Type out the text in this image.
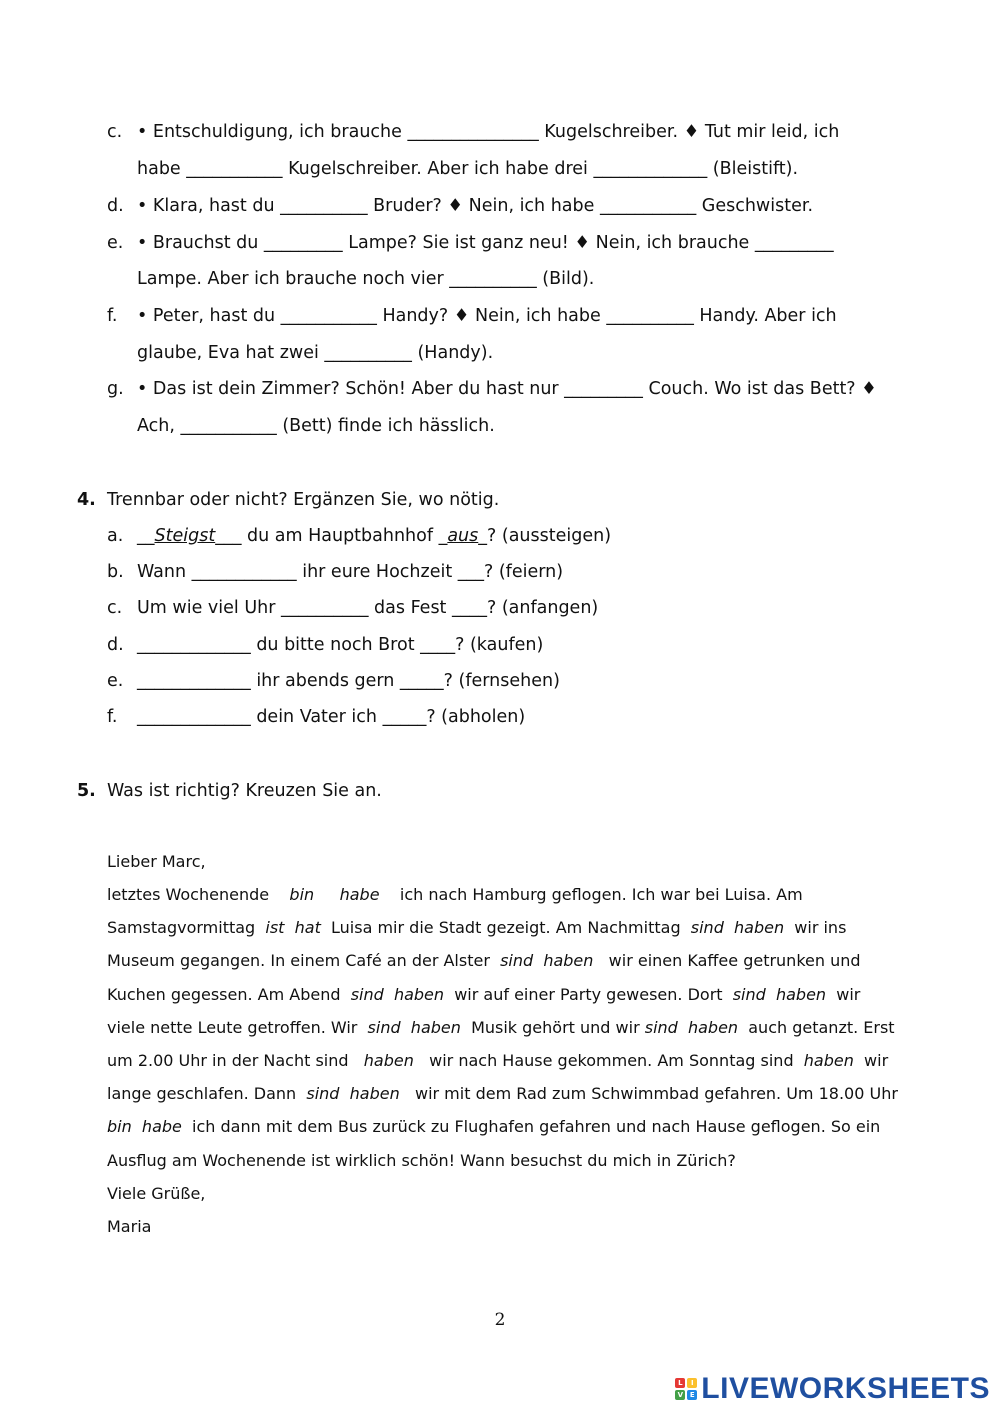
c. • Entschuldigung, ich brauche _______________ Kugelschreiber. ♦ Tut mir leid, ich
habe ___________ Kugelschreiber. Aber ich habe drei _____________ (Bleistift).
d. • Klara, hast du __________ Bruder? ♦ Nein, ich habe ___________ Geschwister.
e. • Brauchst du _________ Lampe? Sie ist ganz neu! ♦ Nein, ich brauche _________
Lampe. Aber ich brauche noch vier __________ (Bild).
f. • Peter, hast du ___________ Handy? ♦ Nein, ich habe __________ Handy. Aber ich
glaube, Eva hat zwei __________ (Handy).
g. • Das ist dein Zimmer? Schön! Aber du hast nur _________ Couch. Wo ist das Bett? ♦
Ach, ___________ (Bett) finde ich hässlich.
4. Trennbar oder nicht? Ergänzen Sie, wo nötig.
a. __Steigst___ du am Hauptbahnhof _aus_? (aussteigen)
b. Wann ____________ ihr eure Hochzeit ___? (feiern)
c. Um wie viel Uhr __________ das Fest ____? (anfangen)
d. _____________ du bitte noch Brot ____? (kaufen)
e. _____________ ihr abends gern _____? (fernsehen)
f. _____________ dein Vater ich _____? (abholen)
5. Was ist richtig? Kreuzen Sie an.
Lieber Marc,
letztes Wochenende    bin habe    ich nach Hamburg geflogen. Ich war bei Luisa. Am
Samstagvormittag  ist hat  Luisa mir die Stadt gezeigt. Am Nachmittag  sind haben  wir ins
Museum gegangen. In einem Café an der Alster  sind haben   wir einen Kaffee getrunken und
Kuchen gegessen. Am Abend  sind haben  wir auf einer Party gewesen. Dort  sind haben  wir
viele nette Leute getroffen. Wir  sind haben  Musik gehört und wir sind haben  auch getanzt. Erst
um 2.00 Uhr in der Nacht sind   haben   wir nach Hause gekommen. Am Sonntag sind  haben  wir
lange geschlafen. Dann  sind haben   wir mit dem Rad zum Schwimmbad gefahren. Um 18.00 Uhr
bin habe  ich dann mit dem Bus zurück zu Flughafen gefahren und nach Hause geflogen. So ein
Ausflug am Wochenende ist wirklich schön! Wann besuchst du mich in Zürich?
Viele Grüße,
Maria
2
L	I
V E LIVEWORKSHEETS
